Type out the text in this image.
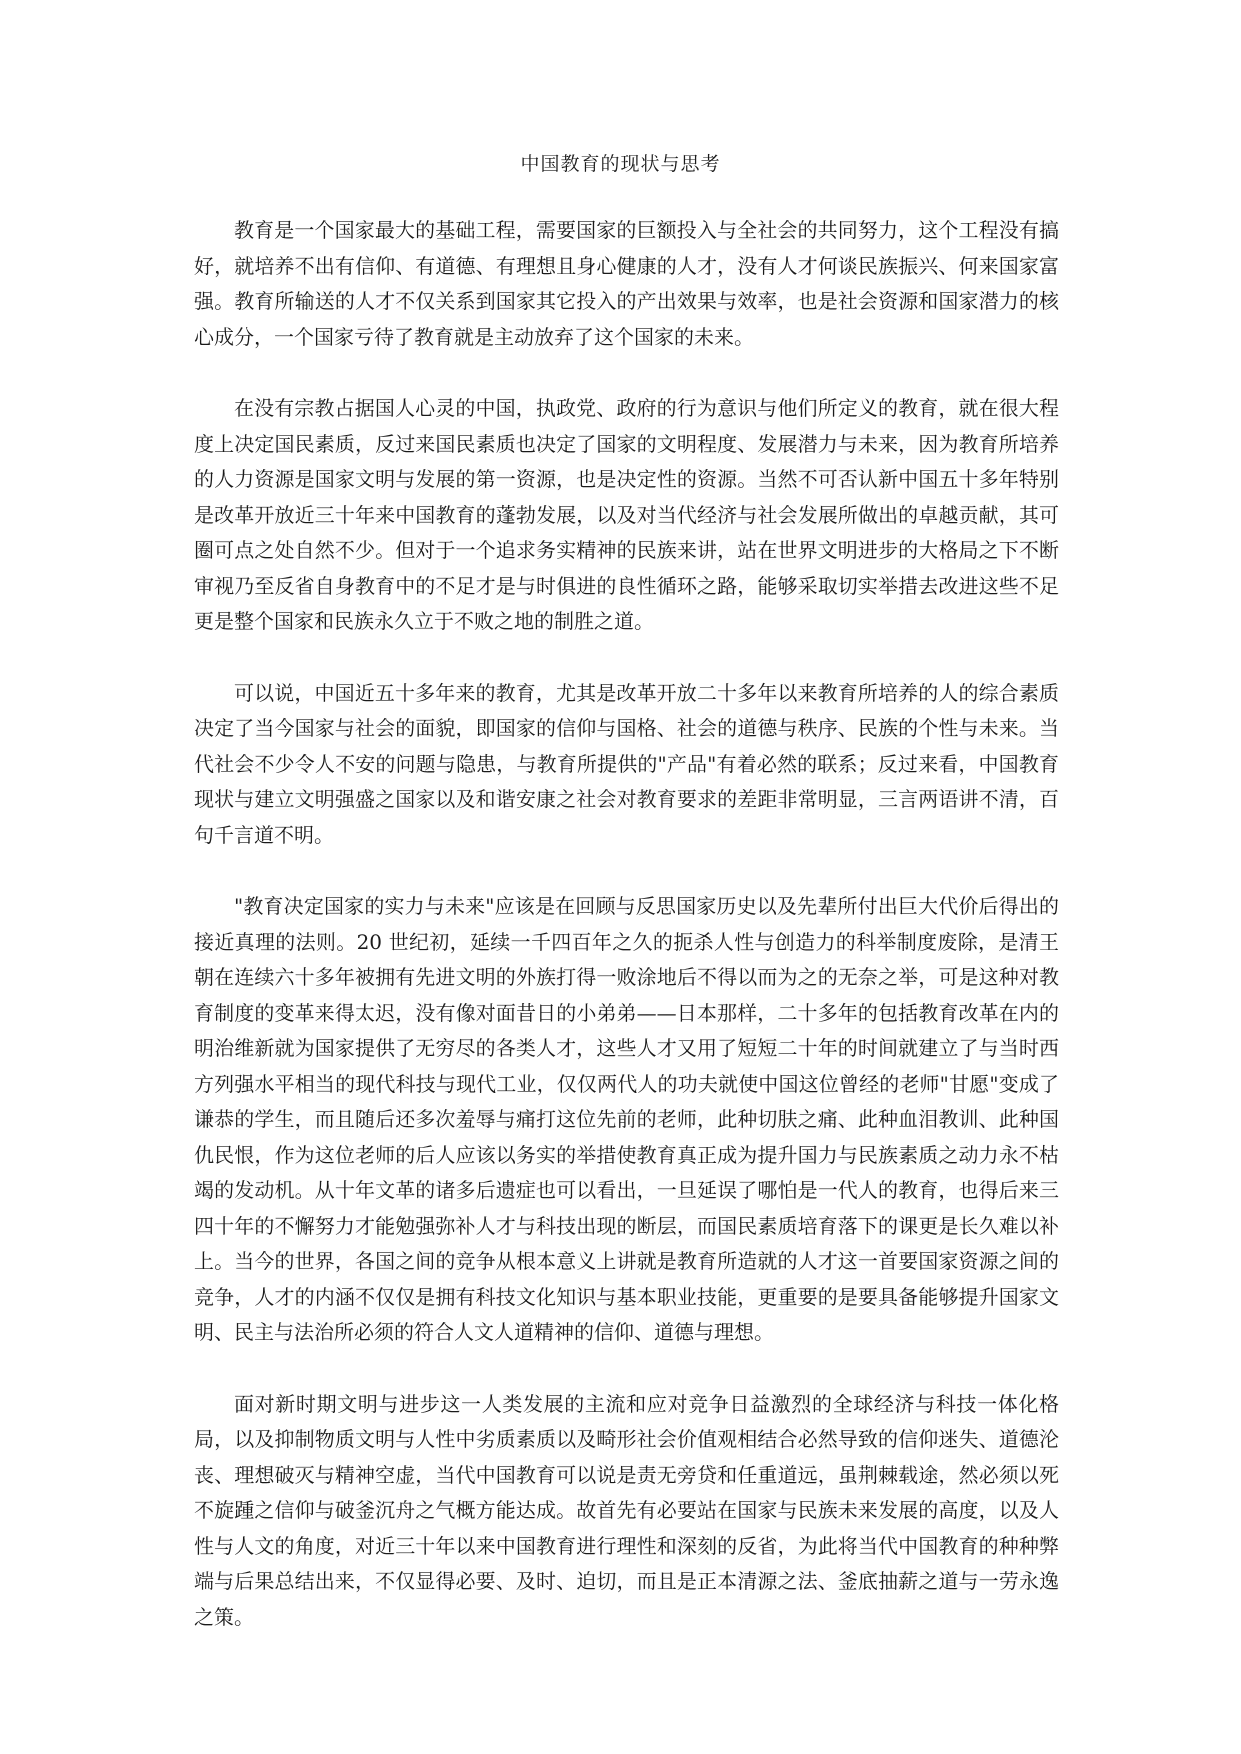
中国教育的现状与思考

教育是一个国家最大的基础工程，需要国家的巨额投入与全社会的共同努力，这个工程没有搞好，就培养不出有信仰、有道德、有理想且身心健康的人才，没有人才何谈民族振兴、何来国家富强。教育所输送的人才不仅关系到国家其它投入的产出效果与效率，也是社会资源和国家潜力的核心成分，一个国家亏待了教育就是主动放弃了这个国家的未来。

在没有宗教占据国人心灵的中国，执政党、政府的行为意识与他们所定义的教育，就在很大程度上决定国民素质，反过来国民素质也决定了国家的文明程度、发展潜力与未来，因为教育所培养的人力资源是国家文明与发展的第一资源，也是决定性的资源。当然不可否认新中国五十多年特别是改革开放近三十年来中国教育的蓬勃发展，以及对当代经济与社会发展所做出的卓越贡献，其可圈可点之处自然不少。但对于一个追求务实精神的民族来讲，站在世界文明进步的大格局之下不断审视乃至反省自身教育中的不足才是与时俱进的良性循环之路，能够采取切实举措去改进这些不足更是整个国家和民族永久立于不败之地的制胜之道。

可以说，中国近五十多年来的教育，尤其是改革开放二十多年以来教育所培养的人的综合素质决定了当今国家与社会的面貌，即国家的信仰与国格、社会的道德与秩序、民族的个性与未来。当代社会不少令人不安的问题与隐患，与教育所提供的"产品"有着必然的联系；反过来看，中国教育现状与建立文明强盛之国家以及和谐安康之社会对教育要求的差距非常明显，三言两语讲不清，百句千言道不明。

"教育决定国家的实力与未来"应该是在回顾与反思国家历史以及先辈所付出巨大代价后得出的接近真理的法则。20 世纪初，延续一千四百年之久的扼杀人性与创造力的科举制度废除，是清王朝在连续六十多年被拥有先进文明的外族打得一败涂地后不得以而为之的无奈之举，可是这种对教育制度的变革来得太迟，没有像对面昔日的小弟弟——日本那样，二十多年的包括教育改革在内的明治维新就为国家提供了无穷尽的各类人才，这些人才又用了短短二十年的时间就建立了与当时西方列强水平相当的现代科技与现代工业，仅仅两代人的功夫就使中国这位曾经的老师"甘愿"变成了谦恭的学生，而且随后还多次羞辱与痛打这位先前的老师，此种切肤之痛、此种血泪教训、此种国仇民恨，作为这位老师的后人应该以务实的举措使教育真正成为提升国力与民族素质之动力永不枯竭的发动机。从十年文革的诸多后遗症也可以看出，一旦延误了哪怕是一代人的教育，也得后来三四十年的不懈努力才能勉强弥补人才与科技出现的断层，而国民素质培育落下的课更是长久难以补上。当今的世界，各国之间的竞争从根本意义上讲就是教育所造就的人才这一首要国家资源之间的竞争，人才的内涵不仅仅是拥有科技文化知识与基本职业技能，更重要的是要具备能够提升国家文明、民主与法治所必须的符合人文人道精神的信仰、道德与理想。

面对新时期文明与进步这一人类发展的主流和应对竞争日益激烈的全球经济与科技一体化格局，以及抑制物质文明与人性中劣质素质以及畸形社会价值观相结合必然导致的信仰迷失、道德沦丧、理想破灭与精神空虚，当代中国教育可以说是责无旁贷和任重道远，虽荆棘载途，然必须以死不旋踵之信仰与破釜沉舟之气概方能达成。故首先有必要站在国家与民族未来发展的高度，以及人性与人文的角度，对近三十年以来中国教育进行理性和深刻的反省，为此将当代中国教育的种种弊端与后果总结出来，不仅显得必要、及时、迫切，而且是正本清源之法、釜底抽薪之道与一劳永逸之策。
